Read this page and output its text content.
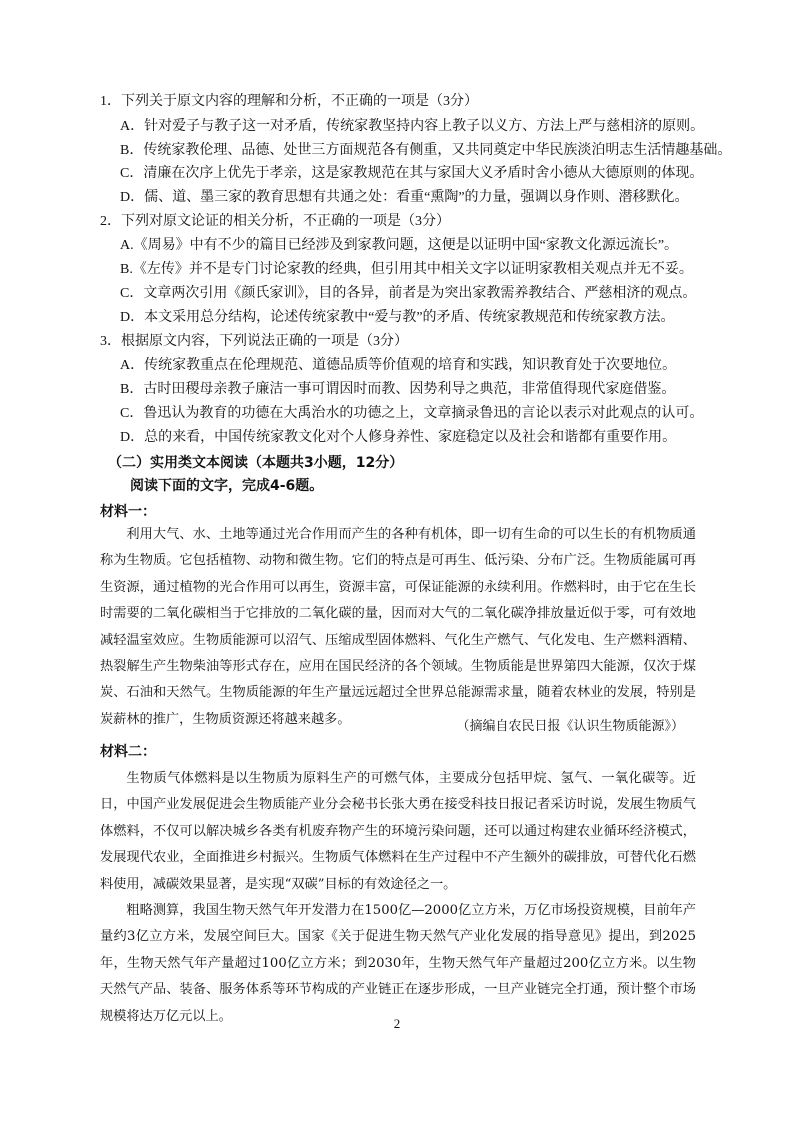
1．下列关于原文内容的理解和分析，不正确的一项是（3分）
A．针对爱子与教子这一对矛盾，传统家教坚持内容上教子以义方、方法上严与慈相济的原则。
B．传统家教伦理、品德、处世三方面规范各有侧重，又共同奠定中华民族淡泊明志生活情趣基础。
C．清廉在次序上优先于孝亲，这是家教规范在其与家国大义矛盾时舍小德从大德原则的体现。
D．儒、道、墨三家的教育思想有共通之处：看重“熏陶”的力量，强调以身作则、潜移默化。
2．下列对原文论证的相关分析，不正确的一项是（3分）
A.《周易》中有不少的篇目已经涉及到家教问题，这便是以证明中国“家教文化源远流长”。
B.《左传》并不是专门讨论家教的经典，但引用其中相关文字以证明家教相关观点并无不妥。
C．文章两次引用《颜氏家训》，目的各异，前者是为突出家教需养教结合、严慈相济的观点。
D．本文采用总分结构，论述传统家教中“爱与教”的矛盾、传统家教规范和传统家教方法。
3．根据原文内容，下列说法正确的一项是（3分）
A．传统家教重点在伦理规范、道德品质等价值观的培育和实践，知识教育处于次要地位。
B．古时田稷母亲教子廉洁一事可谓因时而教、因势利导之典范，非常值得现代家庭借鉴。
C．鲁迅认为教育的功德在大禹治水的功德之上，文章摘录鲁迅的言论以表示对此观点的认可。
D．总的来看，中国传统家教文化对个人修身养性、家庭稳定以及社会和谐都有重要作用。
（二）实用类文本阅读（本题共3小题，12分）
阅读下面的文字，完成4-6题。
材料一：

利用大气、水、土地等通过光合作用而产生的各种有机体，即一切有生命的可以生长的有机物质通称为生物质。它包括植物、动物和微生物。它们的特点是可再生、低污染、分布广泛。生物质能属可再生资源，通过植物的光合作用可以再生，资源丰富，可保证能源的永续利用。作燃料时，由于它在生长时需要的二氧化碳相当于它排放的二氧化碳的量，因而对大气的二氧化碳净排放量近似于零，可有效地减轻温室效应。生物质能源可以沼气、压缩成型固体燃料、气化生产燃气、气化发电、生产燃料酒精、热裂解生产生物柴油等形式存在，应用在国民经济的各个领域。生物质能是世界第四大能源，仅次于煤炭、石油和天然气。生物质能源的年生产量远远超过全世界总能源需求量，随着农林业的发展，特别是炭薪林的推广，生物质资源还将越来越多。	（摘编自农民日报《认识生物质能源》）
材料二：

生物质气体燃料是以生物质为原料生产的可燃气体，主要成分包括甲烷、氢气、一氧化碳等。近日，中国产业发展促进会生物质能产业分会秘书长张大勇在接受科技日报记者采访时说，发展生物质气体燃料，不仅可以解决城乡各类有机废弃物产生的环境污染问题，还可以通过构建农业循环经济模式，发展现代农业，全面推进乡村振兴。生物质气体燃料在生产过程中不产生额外的碳排放，可替代化石燃料使用，减碳效果显著，是实现“双碳”目标的有效途径之一。

粗略测算，我国生物天然气年开发潜力在1500亿—2000亿立方米，万亿市场投资规模，目前年产量约3亿立方米，发展空间巨大。国家《关于促进生物天然气产业化发展的指导意见》提出，到2025年，生物天然气年产量超过100亿立方米；到2030年，生物天然气年产量超过200亿立方米。以生物天然气产品、装备、服务体系等环节构成的产业链正在逐步形成，一旦产业链完全打通，预计整个市场规模将达万亿元以上。	2
